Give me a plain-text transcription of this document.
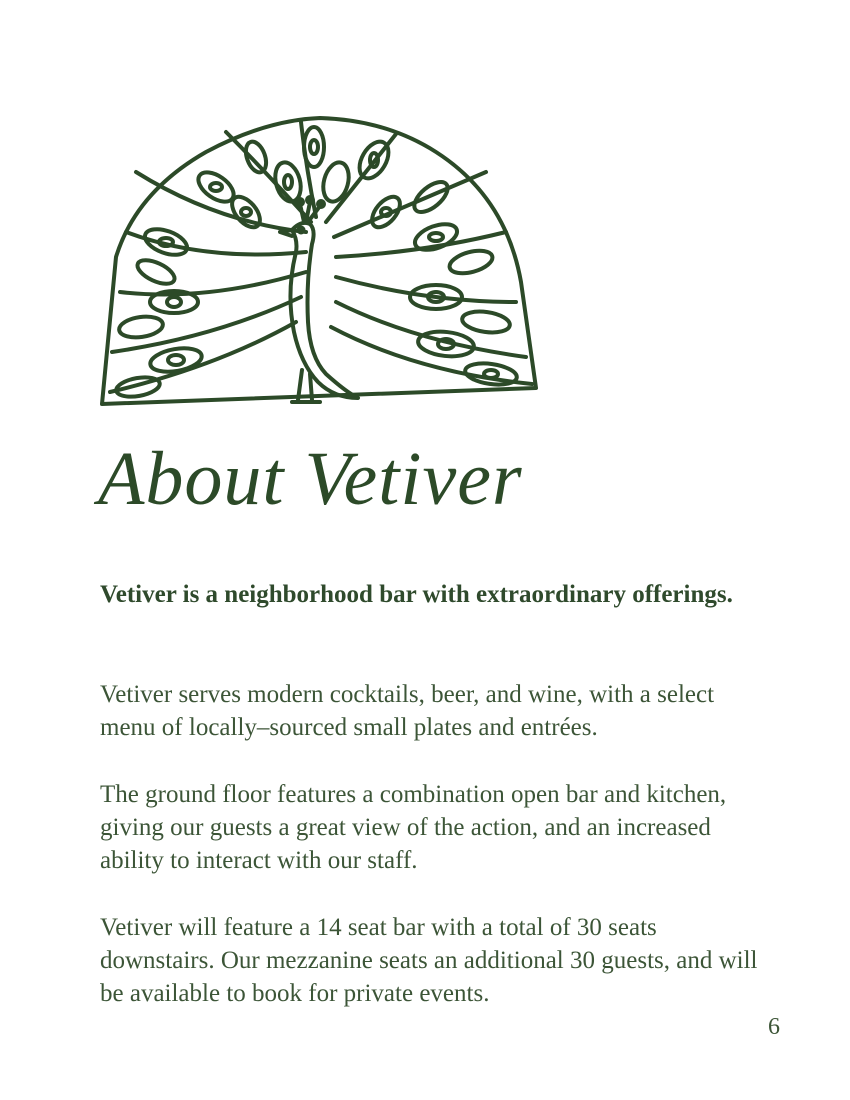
About Vetiver

Vetiver is a neighborhood bar with extraordinary offerings.

Vetiver serves modern cocktails, beer, and wine, with a select menu of locally–sourced small plates and entrées.

The ground floor features a combination open bar and kitchen, giving our guests a great view of the action, and an increased ability to interact with our staff.

Vetiver will feature a 14 seat bar with a total of 30 seats downstairs. Our mezzanine seats an additional 30 guests, and will be available to book for private events.

6
